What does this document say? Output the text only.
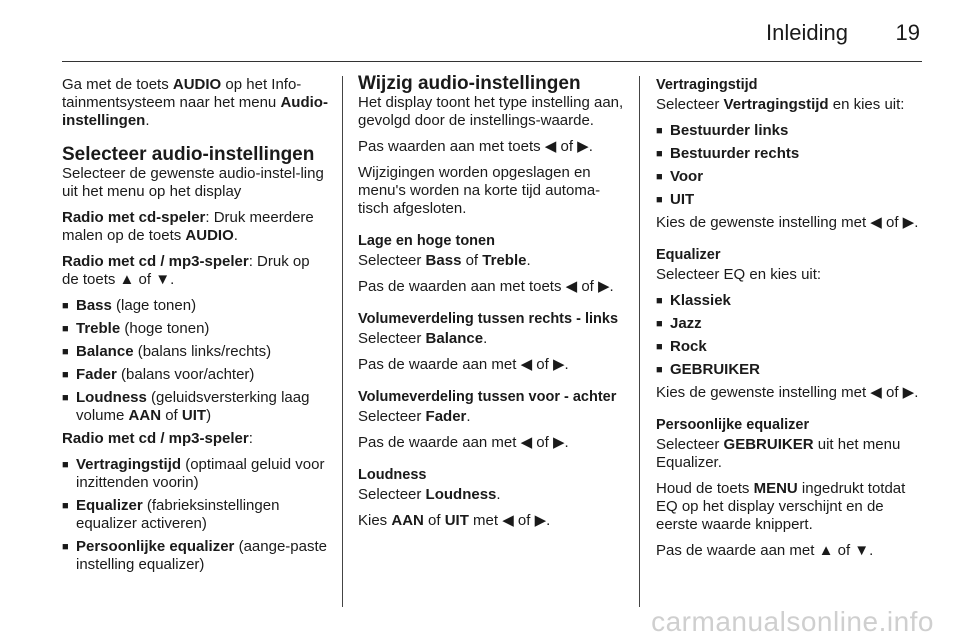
Inleiding 19

Ga met de toets AUDIO op het Info-tainmentsysteem naar het menu Audio-instellingen.

Selecteer audio-instellingen

Selecteer de gewenste audio-instel-ling uit het menu op het display

Radio met cd-speler: Druk meerdere malen op de toets AUDIO.

Radio met cd / mp3-speler: Druk op de toets ▲ of ▼.

■ Bass (lage tonen)
■ Treble (hoge tonen)
■ Balance (balans links/rechts)
■ Fader (balans voor/achter)
■ Loudness (geluidsversterking laag volume AAN of UIT)

Radio met cd / mp3-speler:

■ Vertragingstijd (optimaal geluid voor inzittenden voorin)
■ Equalizer (fabrieksinstellingen equalizer activeren)
■ Persoonlijke equalizer (aange-paste instelling equalizer)
Wijzig audio-instellingen

Het display toont het type instelling aan, gevolgd door de instellings-waarde.

Pas waarden aan met toets ◀ of ▶.

Wijzigingen worden opgeslagen en menu's worden na korte tijd automa-tisch afgesloten.

Lage en hoge tonen

Selecteer Bass of Treble.

Pas de waarden aan met toets ◀ of ▶.

Volumeverdeling tussen rechts - links

Selecteer Balance.

Pas de waarde aan met ◀ of ▶.

Volumeverdeling tussen voor - achter

Selecteer Fader.

Pas de waarde aan met ◀ of ▶.

Loudness

Selecteer Loudness.

Kies AAN of UIT met ◀ of ▶.

Vertragingstijd

Selecteer Vertragingstijd en kies uit:

■ Bestuurder links
■ Bestuurder rechts
■ Voor
■ UIT

Kies de gewenste instelling met ◀ of ▶.

Equalizer

Selecteer EQ en kies uit:

■ Klassiek
■ Jazz
■ Rock
■ GEBRUIKER

Kies de gewenste instelling met ◀ of ▶.

Persoonlijke equalizer

Selecteer GEBRUIKER uit het menu Equalizer.

Houd de toets MENU ingedrukt totdat EQ op het display verschijnt en de eerste waarde knippert.

Pas de waarde aan met ▲ of ▼.

carmanualsonline.info
